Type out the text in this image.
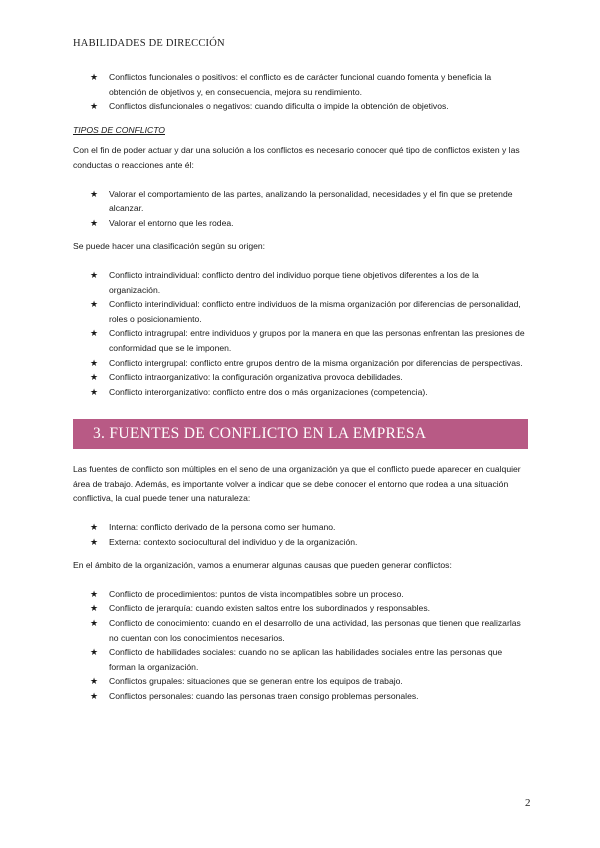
HABILIDADES DE DIRECCIÓN
★ Conflictos funcionales o positivos: el conflicto es de carácter funcional cuando fomenta y beneficia la obtención de objetivos y, en consecuencia, mejora su rendimiento.
★ Conflictos disfuncionales o negativos: cuando dificulta o impide la obtención de objetivos.

TIPOS DE CONFLICTO

Con el fin de poder actuar y dar una solución a los conflictos es necesario conocer qué tipo de conflictos existen y las conductas o reacciones ante él:

★ Valorar el comportamiento de las partes, analizando la personalidad, necesidades y el fin que se pretende alcanzar.
★ Valorar el entorno que les rodea.

Se puede hacer una clasificación según su origen:

★ Conflicto intraindividual: conflicto dentro del individuo porque tiene objetivos diferentes a los de la organización.
★ Conflicto interindividual: conflicto entre individuos de la misma organización por diferencias de personalidad, roles o posicionamiento.
★ Conflicto intragrupal: entre individuos y grupos por la manera en que las personas enfrentan las presiones de conformidad que se le imponen.
★ Conflicto intergrupal: conflicto entre grupos dentro de la misma organización por diferencias de perspectivas.
★ Conflicto intraorganizativo: la configuración organizativa provoca debilidades.
★ Conflicto interorganizativo: conflicto entre dos o más organizaciones (competencia).
3. FUENTES DE CONFLICTO EN LA EMPRESA

Las fuentes de conflicto son múltiples en el seno de una organización ya que el conflicto puede aparecer en cualquier área de trabajo. Además, es importante volver a indicar que se debe conocer el entorno que rodea a una situación conflictiva, la cual puede tener una naturaleza:

★ Interna: conflicto derivado de la persona como ser humano.
★ Externa: contexto sociocultural del individuo y de la organización.

En el ámbito de la organización, vamos a enumerar algunas causas que pueden generar conflictos:

★ Conflicto de procedimientos: puntos de vista incompatibles sobre un proceso.
★ Conflicto de jerarquía: cuando existen saltos entre los subordinados y responsables.
★ Conflicto de conocimiento: cuando en el desarrollo de una actividad, las personas que tienen que realizarlas no cuentan con los conocimientos necesarios.
★ Conflicto de habilidades sociales: cuando no se aplican las habilidades sociales entre las personas que forman la organización.
★ Conflictos grupales: situaciones que se generan entre los equipos de trabajo.
★ Conflictos personales: cuando las personas traen consigo problemas personales.
2
